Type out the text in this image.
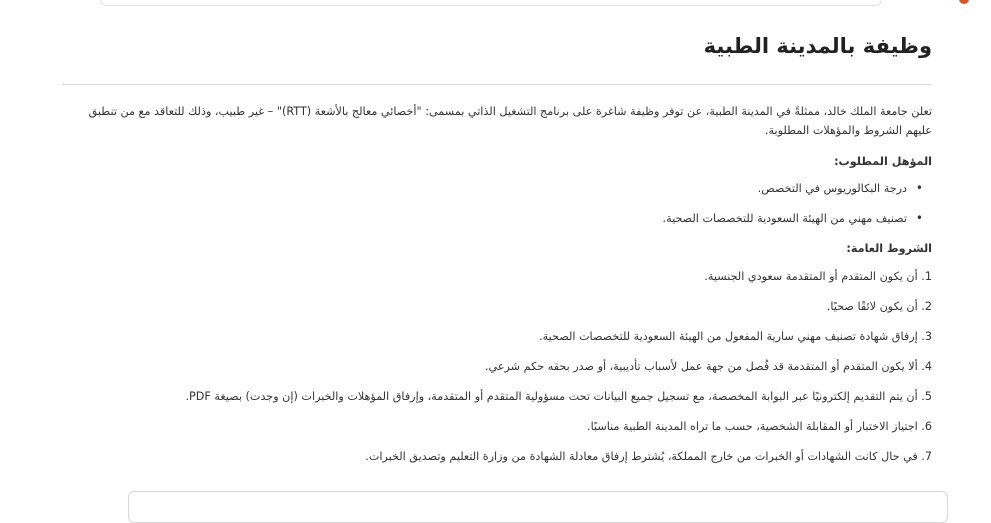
وظيفة بالمدينة الطبية

تعلن جامعة الملك خالد، ممثلةً في المدينة الطبية، عن توفر وظيفة شاغرة على برنامج التشغيل الذاتي بمسمى: "أخصائي معالج بالأشعة (RTT)" – غير طبيب، وذلك للتعاقد مع من تنطبق عليهم الشروط والمؤهلات المطلوبة.

المؤهل المطلوب:
• درجة البكالوريوس في التخصص.
• تصنيف مهني من الهيئة السعودية للتخصصات الصحية.
الشروط العامة:
1. أن يكون المتقدم أو المتقدمة سعودي الجنسية.
2. أن يكون لائقًا صحيًا.
3. إرفاق شهادة تصنيف مهني سارية المفعول من الهيئة السعودية للتخصصات الصحية.
4. ألا يكون المتقدم أو المتقدمة قد فُصل من جهة عمل لأسباب تأديبية، أو صدر بحقه حكم شرعي.
5. أن يتم التقديم إلكترونيًا عبر البوابة المخصصة، مع تسجيل جميع البيانات تحت مسؤولية المتقدم أو المتقدمة، وإرفاق المؤهلات والخبرات (إن وجدت) بصيغة PDF.
6. اجتياز الاختبار أو المقابلة الشخصية، حسب ما تراه المدينة الطبية مناسبًا.
7. في حال كانت الشهادات أو الخبرات من خارج المملكة، يُشترط إرفاق معادلة الشهادة من وزارة التعليم وتصديق الخبرات.
